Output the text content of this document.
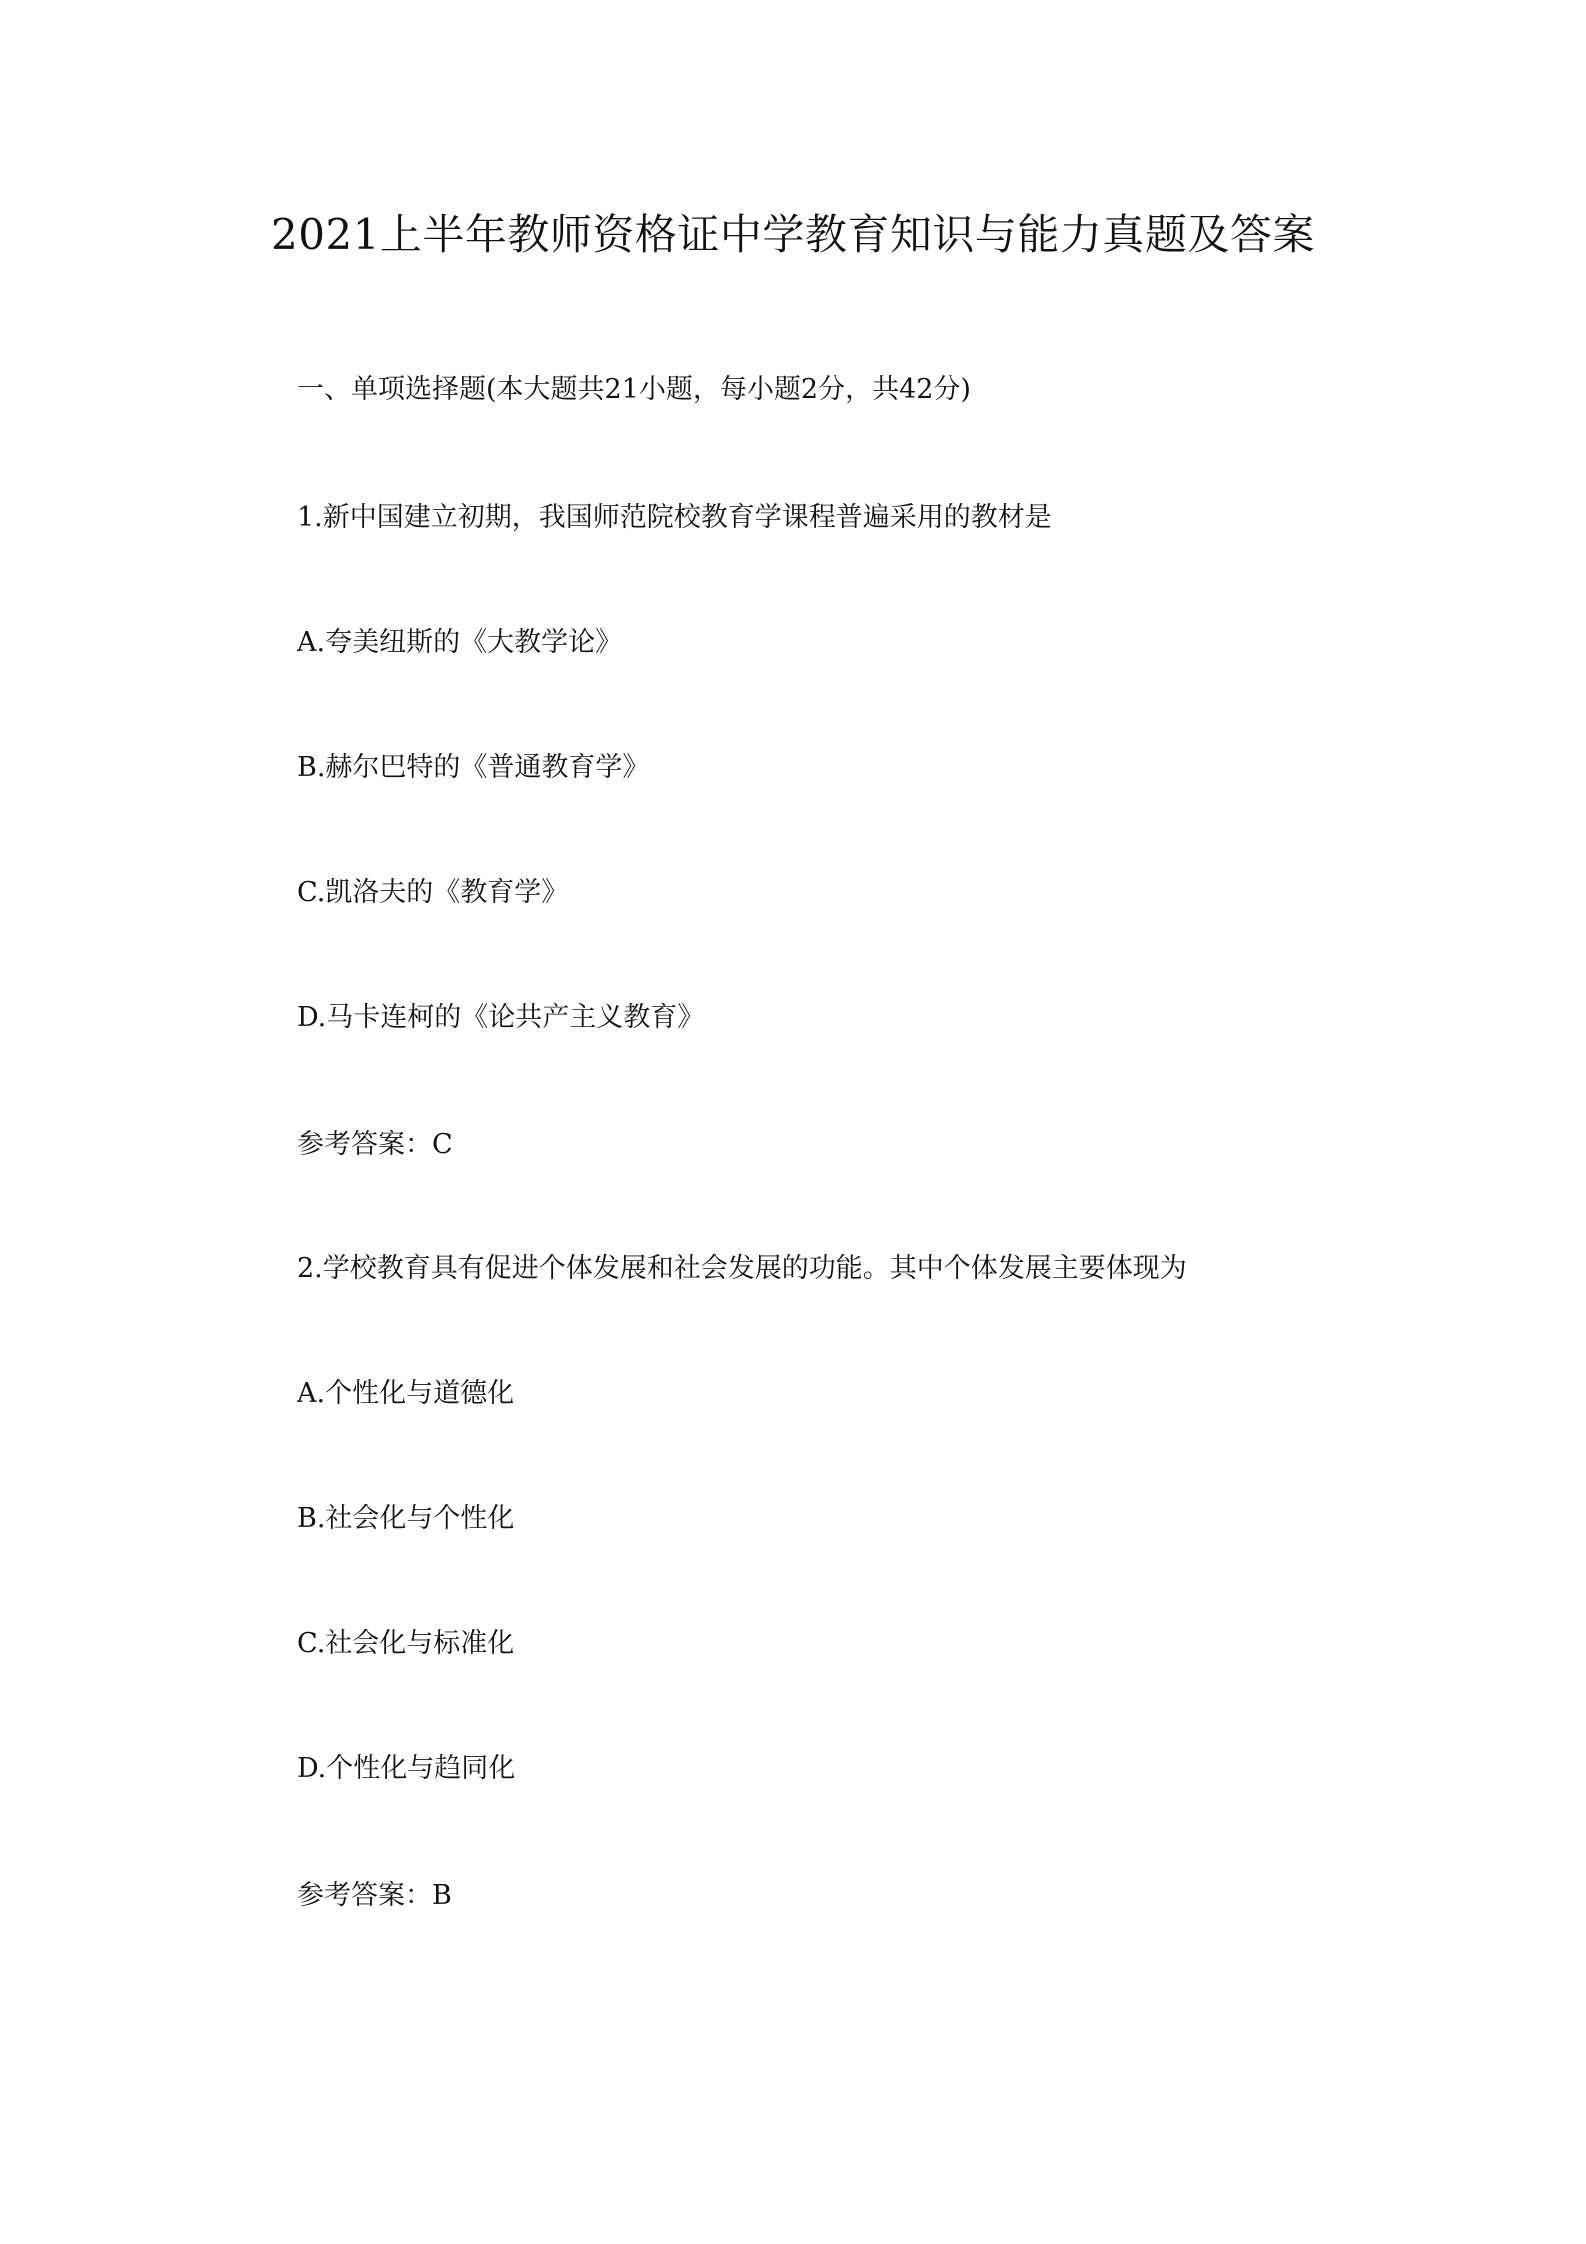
2021上半年教师资格证中学教育知识与能力真题及答案

一、单项选择题(本大题共21小题，每小题2分，共42分)

1.新中国建立初期，我国师范院校教育学课程普遍采用的教材是

A.夸美纽斯的《大教学论》

B.赫尔巴特的《普通教育学》

C.凯洛夫的《教育学》

D.马卡连柯的《论共产主义教育》

参考答案：C

2.学校教育具有促进个体发展和社会发展的功能。其中个体发展主要体现为

A.个性化与道德化

B.社会化与个性化

C.社会化与标准化

D.个性化与趋同化

参考答案：B
